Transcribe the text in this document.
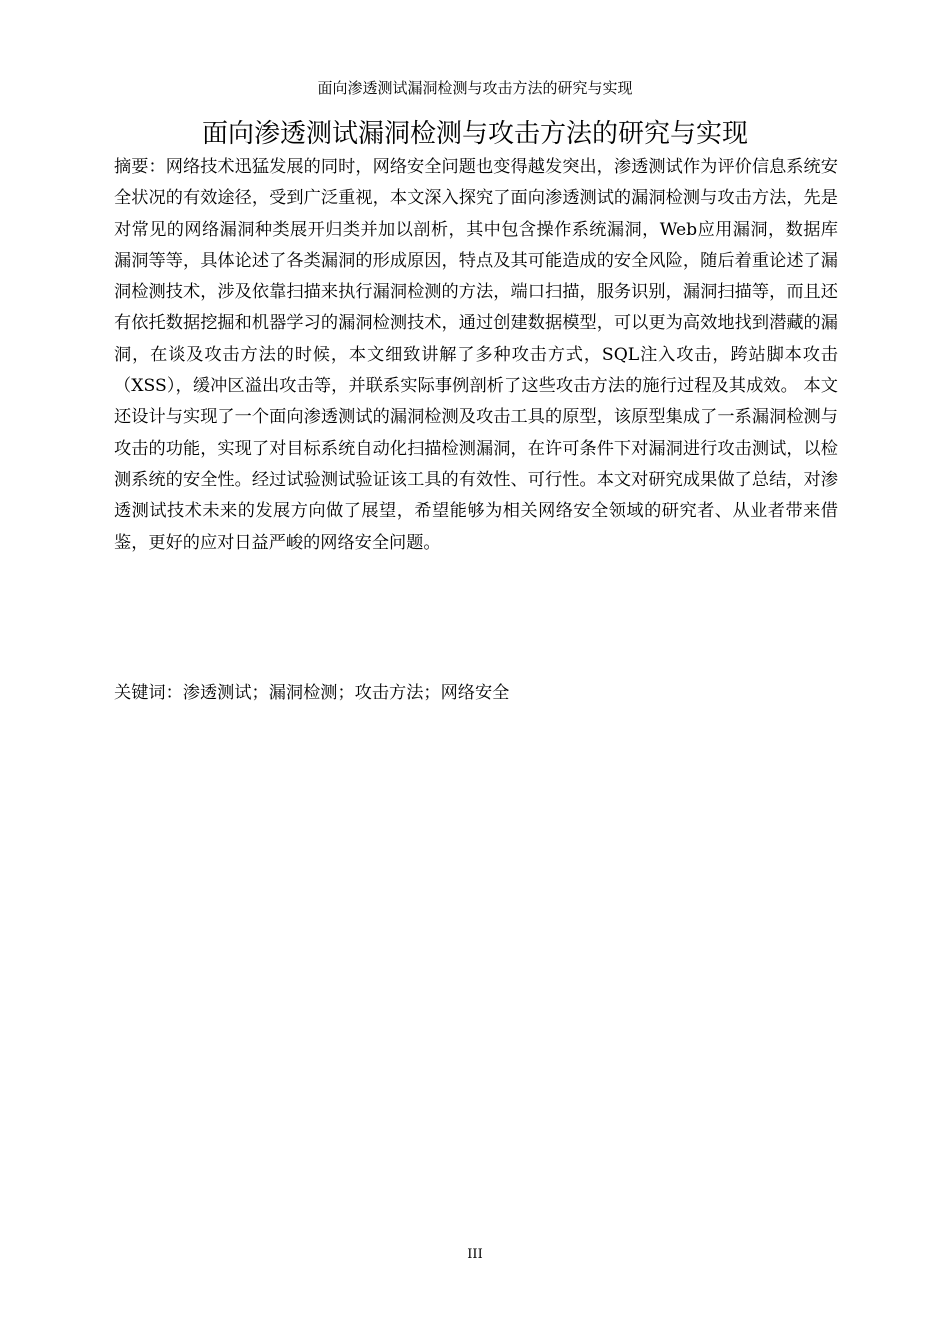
面向渗透测试漏洞检测与攻击方法的研究与实现
面向渗透测试漏洞检测与攻击方法的研究与实现

摘要：网络技术迅猛发展的同时，网络安全问题也变得越发突出，渗透测试作为评价信息系统安全状况的有效途径，受到广泛重视，本文深入探究了面向渗透测试的漏洞检测与攻击方法，先是对常见的网络漏洞种类展开归类并加以剖析，其中包含操作系统漏洞，Web应用漏洞，数据库漏洞等等，具体论述了各类漏洞的形成原因，特点及其可能造成的安全风险，随后着重论述了漏洞检测技术，涉及依靠扫描来执行漏洞检测的方法，端口扫描，服务识别，漏洞扫描等，而且还有依托数据挖掘和机器学习的漏洞检测技术，通过创建数据模型，可以更为高效地找到潜藏的漏洞，在谈及攻击方法的时候，本文细致讲解了多种攻击方式，SQL注入攻击，跨站脚本攻击（XSS），缓冲区溢出攻击等，并联系实际事例剖析了这些攻击方法的施行过程及其成效。 本文还设计与实现了一个面向渗透测试的漏洞检测及攻击工具的原型，该原型集成了一系漏洞检测与攻击的功能，实现了对目标系统自动化扫描检测漏洞，在许可条件下对漏洞进行攻击测试，以检测系统的安全性。经过试验测试验证该工具的有效性、可行性。本文对研究成果做了总结，对渗透测试技术未来的发展方向做了展望，希望能够为相关网络安全领域的研究者、从业者带来借鉴，更好的应对日益严峻的网络安全问题。

关键词：渗透测试；漏洞检测；攻击方法；网络安全

III
